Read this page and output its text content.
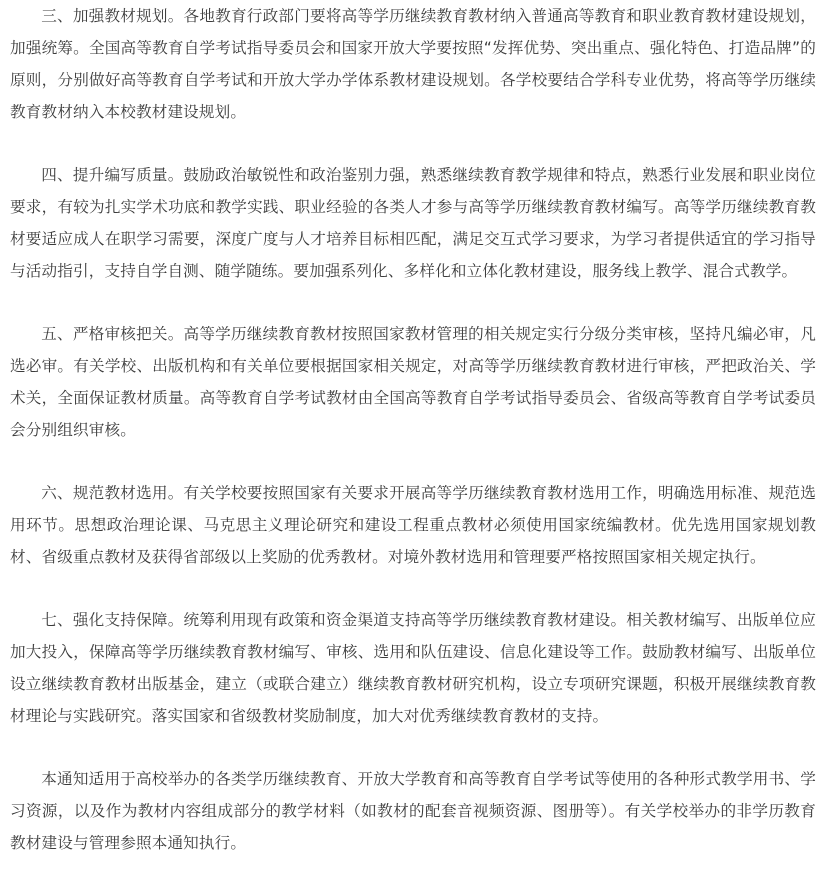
三、加强教材规划。各地教育行政部门要将高等学历继续教育教材纳入普通高等教育和职业教育教材建设规划，加强统筹。全国高等教育自学考试指导委员会和国家开放大学要按照“发挥优势、突出重点、强化特色、打造品牌”的原则，分别做好高等教育自学考试和开放大学办学体系教材建设规划。各学校要结合学科专业优势，将高等学历继续教育教材纳入本校教材建设规划。

四、提升编写质量。鼓励政治敏锐性和政治鉴别力强，熟悉继续教育教学规律和特点，熟悉行业发展和职业岗位要求，有较为扎实学术功底和教学实践、职业经验的各类人才参与高等学历继续教育教材编写。高等学历继续教育教材要适应成人在职学习需要，深度广度与人才培养目标相匹配，满足交互式学习要求，为学习者提供适宜的学习指导与活动指引，支持自学自测、随学随练。要加强系列化、多样化和立体化教材建设，服务线上教学、混合式教学。

五、严格审核把关。高等学历继续教育教材按照国家教材管理的相关规定实行分级分类审核，坚持凡编必审，凡选必审。有关学校、出版机构和有关单位要根据国家相关规定，对高等学历继续教育教材进行审核，严把政治关、学术关，全面保证教材质量。高等教育自学考试教材由全国高等教育自学考试指导委员会、省级高等教育自学考试委员会分别组织审核。

六、规范教材选用。有关学校要按照国家有关要求开展高等学历继续教育教材选用工作，明确选用标准、规范选用环节。思想政治理论课、马克思主义理论研究和建设工程重点教材必须使用国家统编教材。优先选用国家规划教材、省级重点教材及获得省部级以上奖励的优秀教材。对境外教材选用和管理要严格按照国家相关规定执行。

七、强化支持保障。统筹利用现有政策和资金渠道支持高等学历继续教育教材建设。相关教材编写、出版单位应加大投入，保障高等学历继续教育教材编写、审核、选用和队伍建设、信息化建设等工作。鼓励教材编写、出版单位设立继续教育教材出版基金，建立（或联合建立）继续教育教材研究机构，设立专项研究课题，积极开展继续教育教材理论与实践研究。落实国家和省级教材奖励制度，加大对优秀继续教育教材的支持。

本通知适用于高校举办的各类学历继续教育、开放大学教育和高等教育自学考试等使用的各种形式教学用书、学习资源，以及作为教材内容组成部分的教学材料（如教材的配套音视频资源、图册等）。有关学校举办的非学历教育教材建设与管理参照本通知执行。
